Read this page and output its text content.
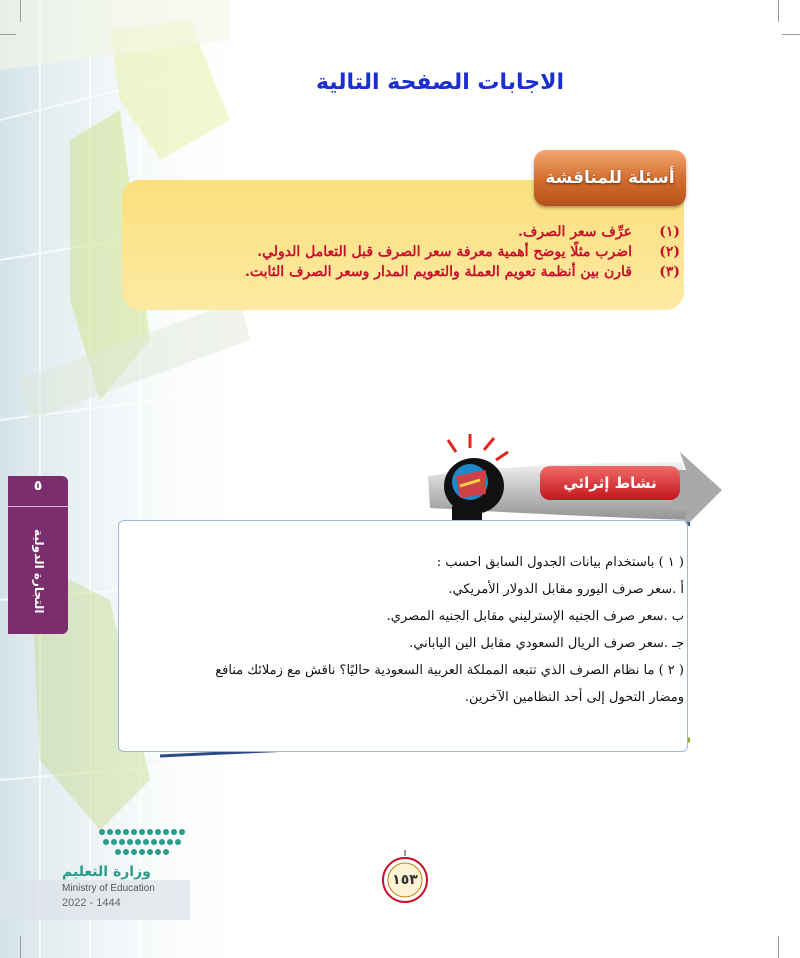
الاجابات الصفحة التالية
أسئلة للمناقشة
(١)عرِّف سعر الصرف.
(٢)اضرب مثلًا يوضح أهمية معرفة سعر الصرف قبل التعامل الدولي.
(٣)قارن بين أنظمة تعويم العملة والتعويم المدار وسعر الصرف الثابت.
نشاط إثرائي
( ١ ) باستخدام بيانات الجدول السابق احسب :
أ .سعر صرف اليورو مقابل الدولار الأمريكي.
ب .سعر صرف الجنيه الإسترليني مقابل الجنيه المصري.
جـ .سعر صرف الريال السعودي مقابل الين الياباني.
( ٢ ) ما نظام الصرف الذي تتبعه المملكة العربية السعودية حاليًا؟ ناقش مع زملائك منافع
ومضار التحول إلى أحد النظامين الآخرين.
٥
التجارة الدولية
١٥٣
وزارة التعليم
Ministry of Education
2022 - 1444
